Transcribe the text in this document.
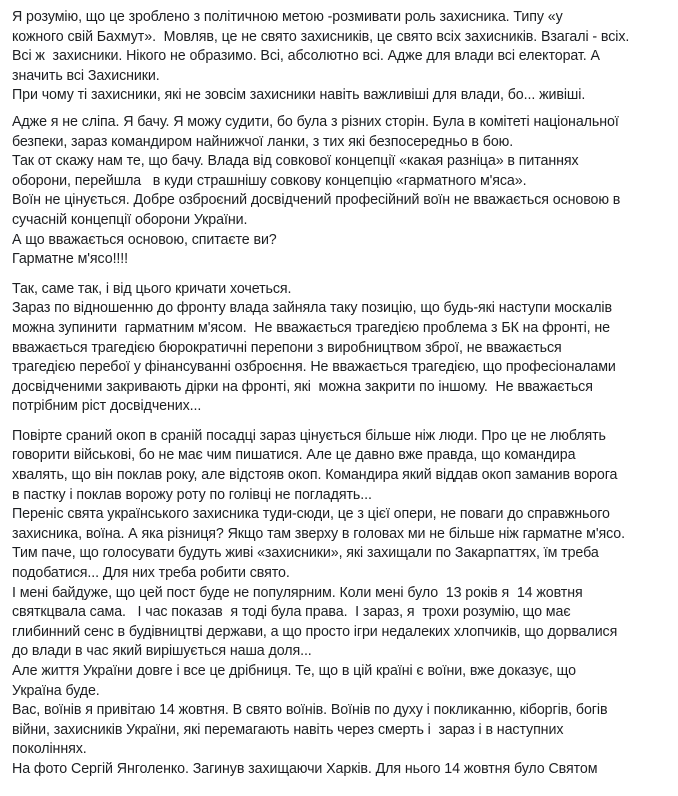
Я розумію, що це зроблено з політичною метою -розмивати роль захисника. Типу «у
кожного свій Бахмут».  Мовляв, це не свято захисників, це свято всіх захисників. Взагалі - всіх.
Всі ж  захисники. Нікого не образимо. Всі, абсолютно всі. Адже для влади всі електорат. А
значить всі Захисники.
При чому ті захисники, які не зовсім захисники навіть важливіші для влади, бо... живіші.
Адже я не сліпа. Я бачу. Я можу судити, бо була з різних сторін. Була в комітеті національної
безпеки, зараз командиром найнижчої ланки, з тих які безпосередньо в бою.
Так от скажу нам те, що бачу. Влада від совкової концепції «какая разніца» в питаннях
оборони, перейшла   в куди страшнішу совкову концепцію «гарматного м'яса».
Воїн не цінується. Добре озброєний досвідчений професійний воїн не вважається основою в
сучасній концепції оборони України.
А що вважається основою, спитаєте ви?
Гарматне м'ясо!!!!
Так, саме так, і від цього кричати хочеться.
Зараз по відношенню до фронту влада зайняла таку позицію, що будь-які наступи москалів
можна зупинити  гарматним м'ясом.  Не вважається трагедією проблема з БК на фронті, не
вважається трагедією бюрократичні перепони з виробництвом зброї, не вважається
трагедією перебої у фінансуванні озброєння. Не вважається трагедією, що професіоналами
досвідченими закривають дірки на фронті, які  можна закрити по іншому.  Не вважається
потрібним ріст досвідчених...
Повірте сраний окоп в сраній посадці зараз цінується більше ніж люди. Про це не люблять
говорити військові, бо не має чим пишатися. Але це давно вже правда, що командира
хвалять, що він поклав року, але відстояв окоп. Командира який віддав окоп заманив ворога
в пастку і поклав ворожу роту по голівці не погладять...
Переніс свята українського захисника туди-сюди, це з цієї опери, не поваги до справжнього
захисника, воїна. А яка різниця? Якщо там зверху в головах ми не більше ніж гарматне м'ясо.
Тим паче, що голосувати будуть живі «захисники», які захищали по Закарпаттях, їм треба
подобатися... Для них треба робити свято.
І мені байдуже, що цей пост буде не популярним. Коли мені було  13 років я  14 жовтня
святкцвала сама.   І час показав  я тоді була права.  І зараз, я  трохи розумію, що має
глибинний сенс в будівництві держави, а що просто ігри недалеких хлопчиків, що дорвалися
до влади в час який вирішується наша доля...
Але життя України довге і все це дрібниця. Те, що в цій країні є воїни, вже доказує, що
Україна буде.
Вас, воїнів я привітаю 14 жовтня. В свято воїнів. Воїнів по духу і покликанню, кіборгів, богів
війни, захисників України, які перемагають навіть через смерть і  зараз і в наступних
поколіннях.
На фото Сергій Янголенко. Загинув захищаючи Харків. Для нього 14 жовтня було Святом
